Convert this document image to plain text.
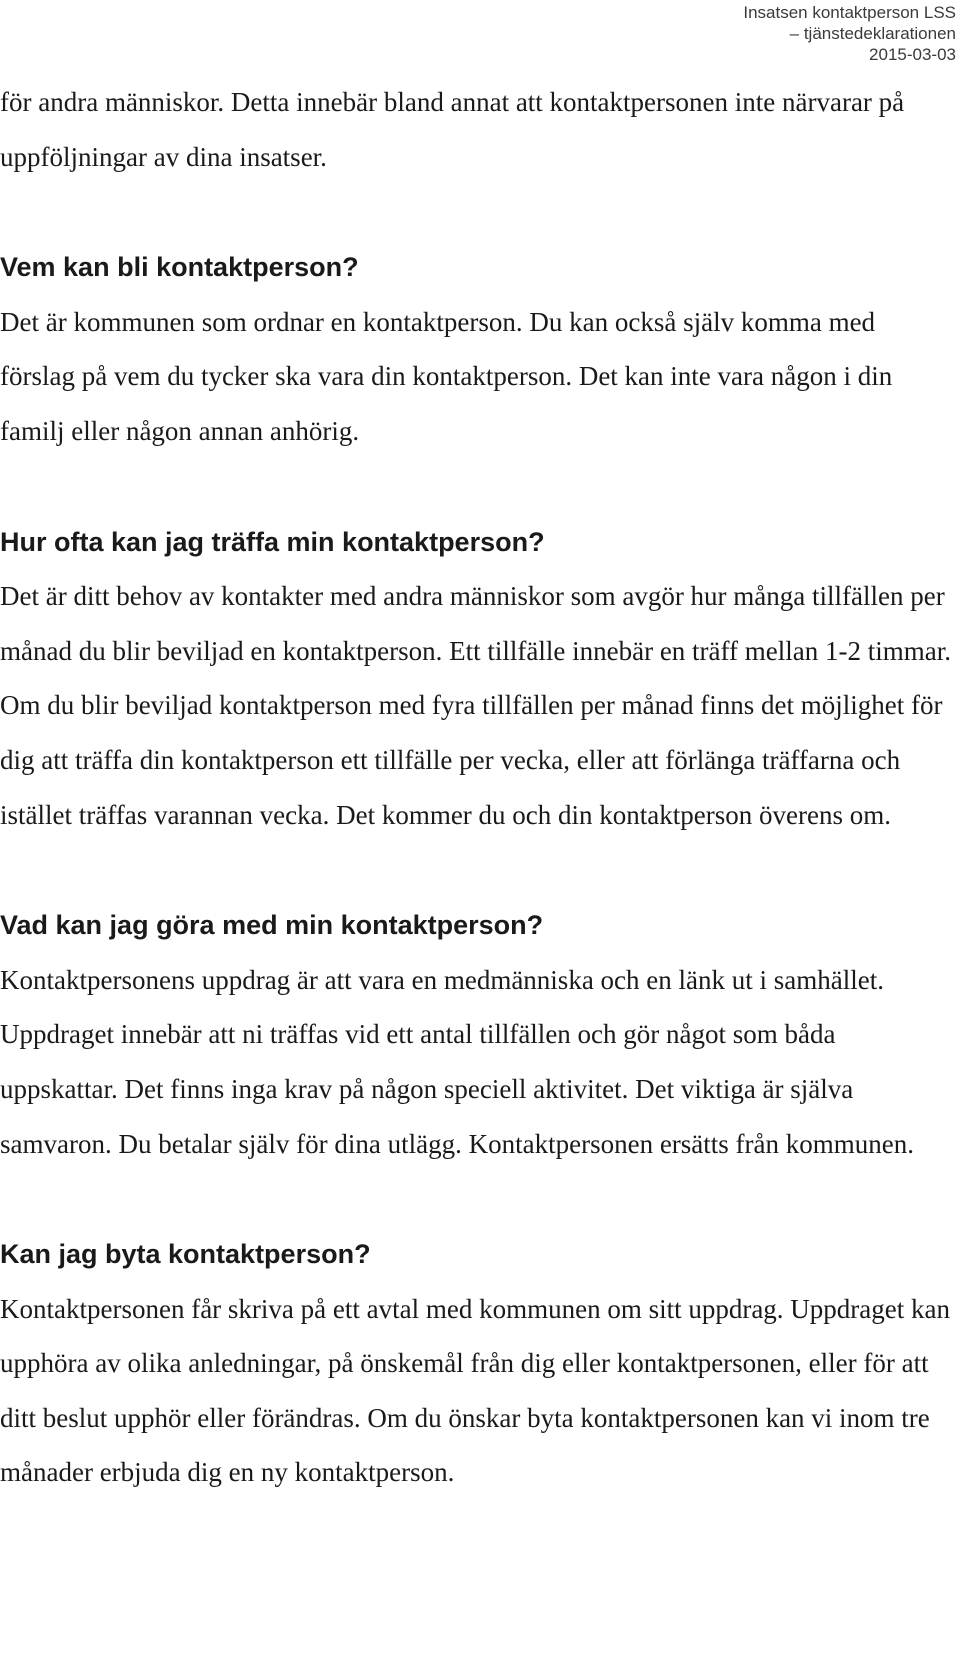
Insatsen kontaktperson LSS
– tjänstedeklarationen
2015-03-03

för andra människor. Detta innebär bland annat att kontaktpersonen inte närvarar på uppföljningar av dina insatser.

Vem kan bli kontaktperson?

Det är kommunen som ordnar en kontaktperson. Du kan också själv komma med förslag på vem du tycker ska vara din kontaktperson. Det kan inte vara någon i din familj eller någon annan anhörig.

Hur ofta kan jag träffa min kontaktperson?

Det är ditt behov av kontakter med andra människor som avgör hur många tillfällen per månad du blir beviljad en kontaktperson. Ett tillfälle innebär en träff mellan 1-2 timmar. Om du blir beviljad kontaktperson med fyra tillfällen per månad finns det möjlighet för dig att träffa din kontaktperson ett tillfälle per vecka, eller att förlänga träffarna och istället träffas varannan vecka. Det kommer du och din kontaktperson överens om.

Vad kan jag göra med min kontaktperson?

Kontaktpersonens uppdrag är att vara en medmänniska och en länk ut i samhället. Uppdraget innebär att ni träffas vid ett antal tillfällen och gör något som båda uppskattar. Det finns inga krav på någon speciell aktivitet. Det viktiga är själva samvaron. Du betalar själv för dina utlägg. Kontaktpersonen ersätts från kommunen.

Kan jag byta kontaktperson?

Kontaktpersonen får skriva på ett avtal med kommunen om sitt uppdrag. Uppdraget kan upphöra av olika anledningar, på önskemål från dig eller kontaktpersonen, eller för att ditt beslut upphör eller förändras. Om du önskar byta kontaktpersonen kan vi inom tre månader erbjuda dig en ny kontaktperson.
